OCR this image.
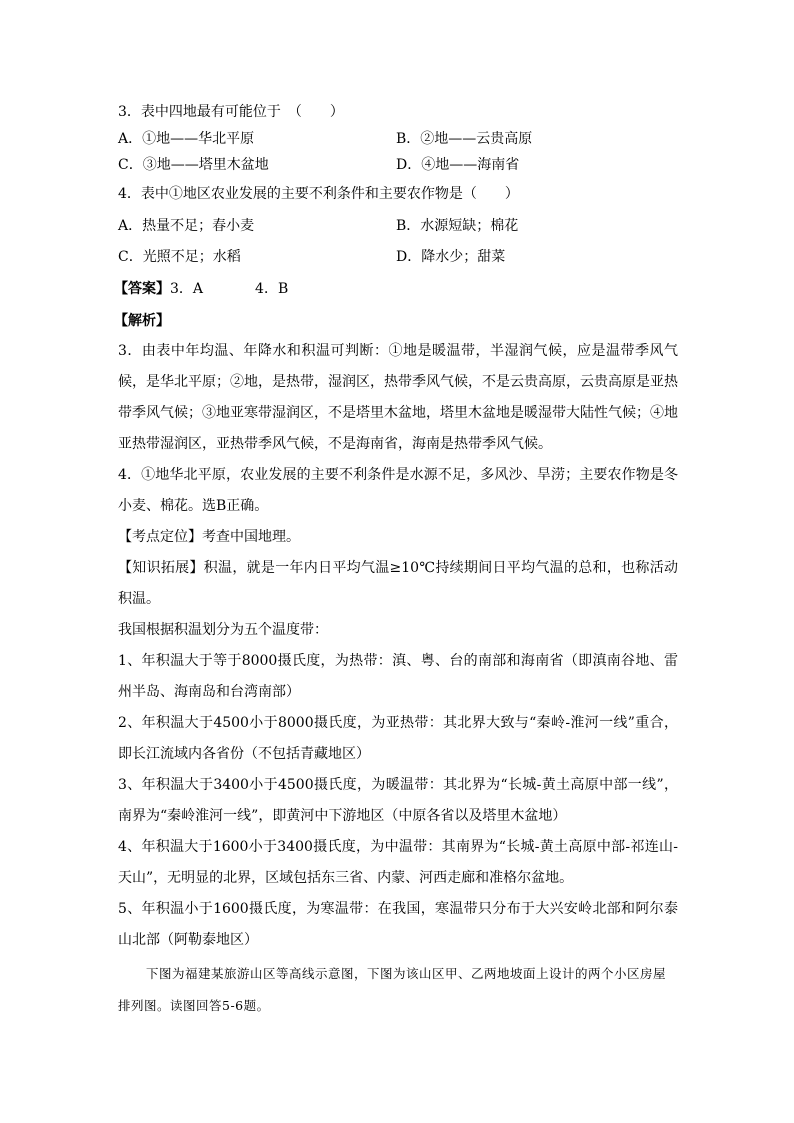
3．表中四地最有可能位于　（　　）
A．①地——华北平原	B．②地——云贵高原
C．③地——塔里木盆地	D．④地——海南省
4．表中①地区农业发展的主要不利条件和主要农作物是（　　）
A．热量不足；春小麦	B．水源短缺；棉花
C．光照不足；水稻	D．降水少；甜菜
【答案】3．A	4．B
【解析】

3．由表中年均温、年降水和积温可判断：①地是暖温带，半湿润气候，应是温带季风气候，是华北平原；②地，是热带，湿润区，热带季风气候，不是云贵高原，云贵高原是亚热带季风气候；③地亚寒带湿润区，不是塔里木盆地，塔里木盆地是暖湿带大陆性气候；④地亚热带湿润区，亚热带季风气候，不是海南省，海南是热带季风气候。

4．①地华北平原，农业发展的主要不利条件是水源不足，多风沙、旱涝；主要农作物是冬小麦、棉花。选B正确。

【考点定位】考查中国地理。

【知识拓展】积温，就是一年内日平均气温≥10℃持续期间日平均气温的总和，也称活动积温。

我国根据积温划分为五个温度带：

1、年积温大于等于8000摄氏度，为热带：滇、粤、台的南部和海南省（即滇南谷地、雷州半岛、海南岛和台湾南部）

2、年积温大于4500小于8000摄氏度，为亚热带：其北界大致与“秦岭-淮河一线”重合，即长江流域内各省份（不包括青藏地区）

3、年积温大于3400小于4500摄氏度，为暖温带：其北界为“长城-黄土高原中部一线”，南界为“秦岭淮河一线”，即黄河中下游地区（中原各省以及塔里木盆地）

4、年积温大于1600小于3400摄氏度，为中温带：其南界为“长城-黄土高原中部-祁连山-天山”，无明显的北界，区域包括东三省、内蒙、河西走廊和准格尔盆地。

5、年积温小于1600摄氏度，为寒温带：在我国，寒温带只分布于大兴安岭北部和阿尔泰山北部（阿勒泰地区）

下图为福建某旅游山区等高线示意图，下图为该山区甲、乙两地坡面上设计的两个小区房屋排列图。读图回答5-6题。
